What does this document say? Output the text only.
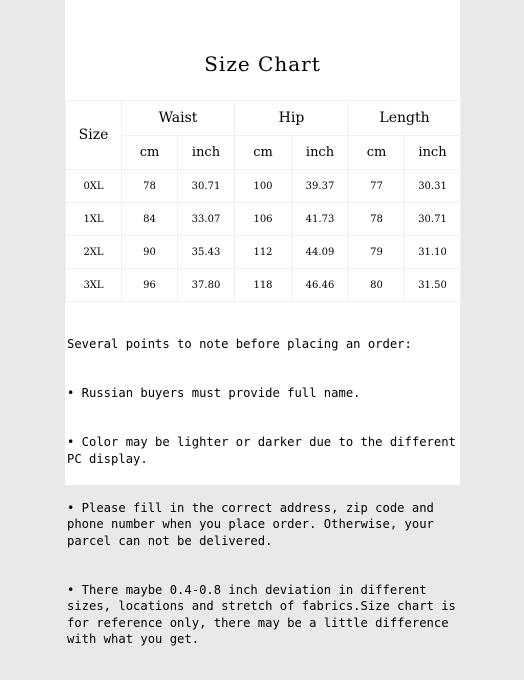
Size Chart
Size	Waist		Hip		Length	
	cm	inch	cm	inch	cm	inch
0XL	78	30.71	100	39.37	77	30.31
1XL	84	33.07	106	41.73	78	30.71
2XL	90	35.43	112	44.09	79	31.10
3XL	96	37.80	118	46.46	80	31.50

Several points to note before placing an order:

• Russian buyers must provide full name.

• Color may be lighter or darker due to the different PC display.

• Please fill in the correct address, zip code and phone number when you place order. Otherwise, your parcel can not be delivered.

• There maybe 0.4-0.8 inch deviation in different sizes, locations and stretch of fabrics.Size chart is for reference only, there may be a little difference with what you get.
